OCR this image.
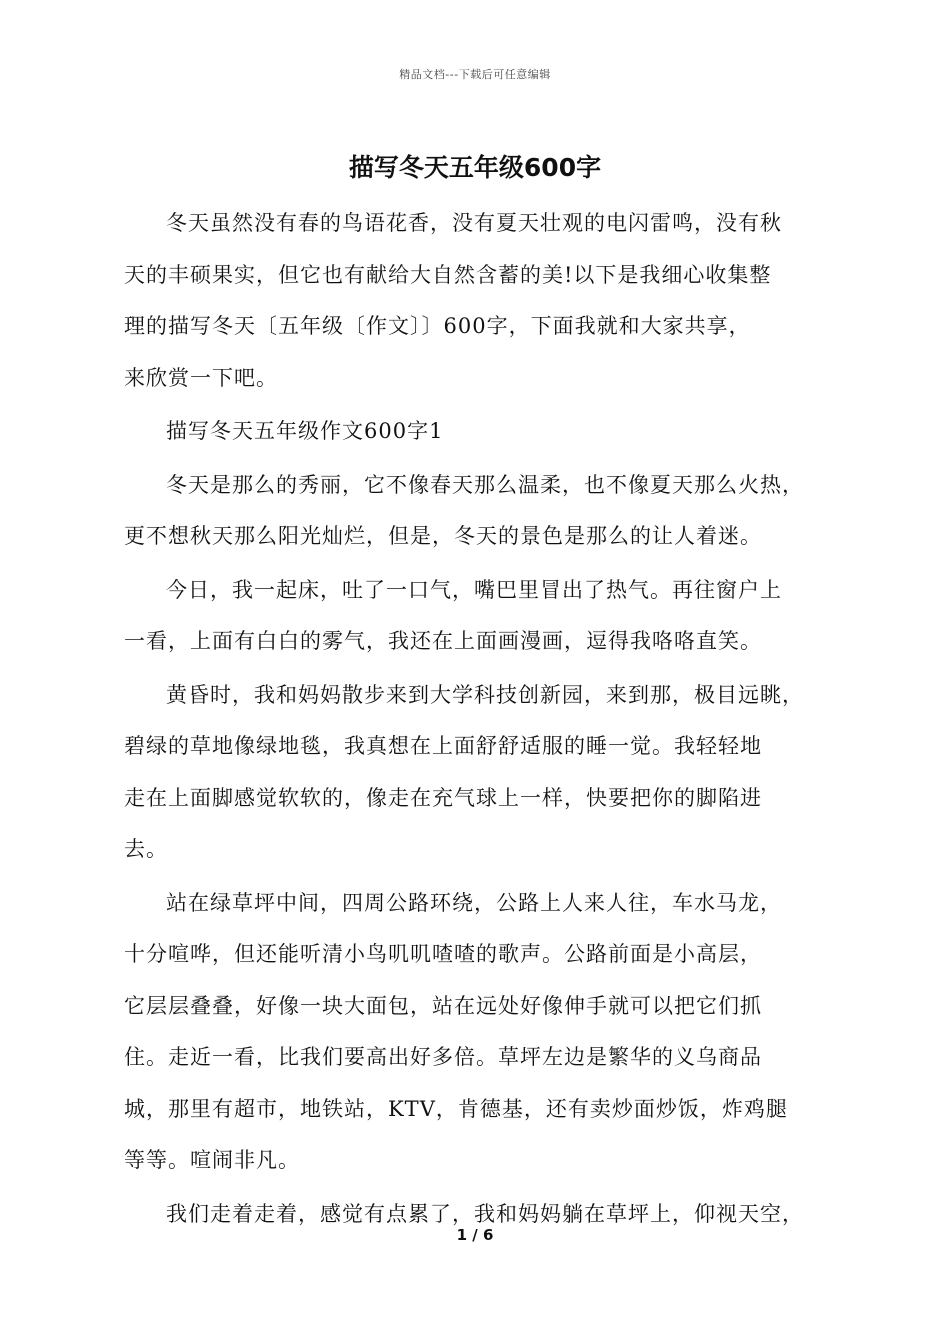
精品文档---下载后可任意编辑
描写冬天五年级600字

冬天虽然没有春的鸟语花香，没有夏天壮观的电闪雷鸣，没有秋
天的丰硕果实，但它也有献给大自然含蓄的美!以下是我细心收集整
理的描写冬天〔五年级〔作文〕〕600字，下面我就和大家共享，
来欣赏一下吧。

描写冬天五年级作文600字1

冬天是那么的秀丽，它不像春天那么温柔，也不像夏天那么火热，
更不想秋天那么阳光灿烂，但是，冬天的景色是那么的让人着迷。

今日，我一起床，吐了一口气，嘴巴里冒出了热气。再往窗户上
一看，上面有白白的雾气，我还在上面画漫画，逗得我咯咯直笑。

黄昏时，我和妈妈散步来到大学科技创新园，来到那，极目远眺，
碧绿的草地像绿地毯，我真想在上面舒舒适服的睡一觉。我轻轻地
走在上面脚感觉软软的，像走在充气球上一样，快要把你的脚陷进
去。

站在绿草坪中间，四周公路环绕，公路上人来人往，车水马龙，
十分喧哗，但还能听清小鸟叽叽喳喳的歌声。公路前面是小高层，
它层层叠叠，好像一块大面包，站在远处好像伸手就可以把它们抓
住。走近一看，比我们要高出好多倍。草坪左边是繁华的义乌商品
城，那里有超市，地铁站，KTV，肯德基，还有卖炒面炒饭，炸鸡腿
等等。喧闹非凡。

我们走着走着，感觉有点累了，我和妈妈躺在草坪上，仰视天空，

1 / 6
